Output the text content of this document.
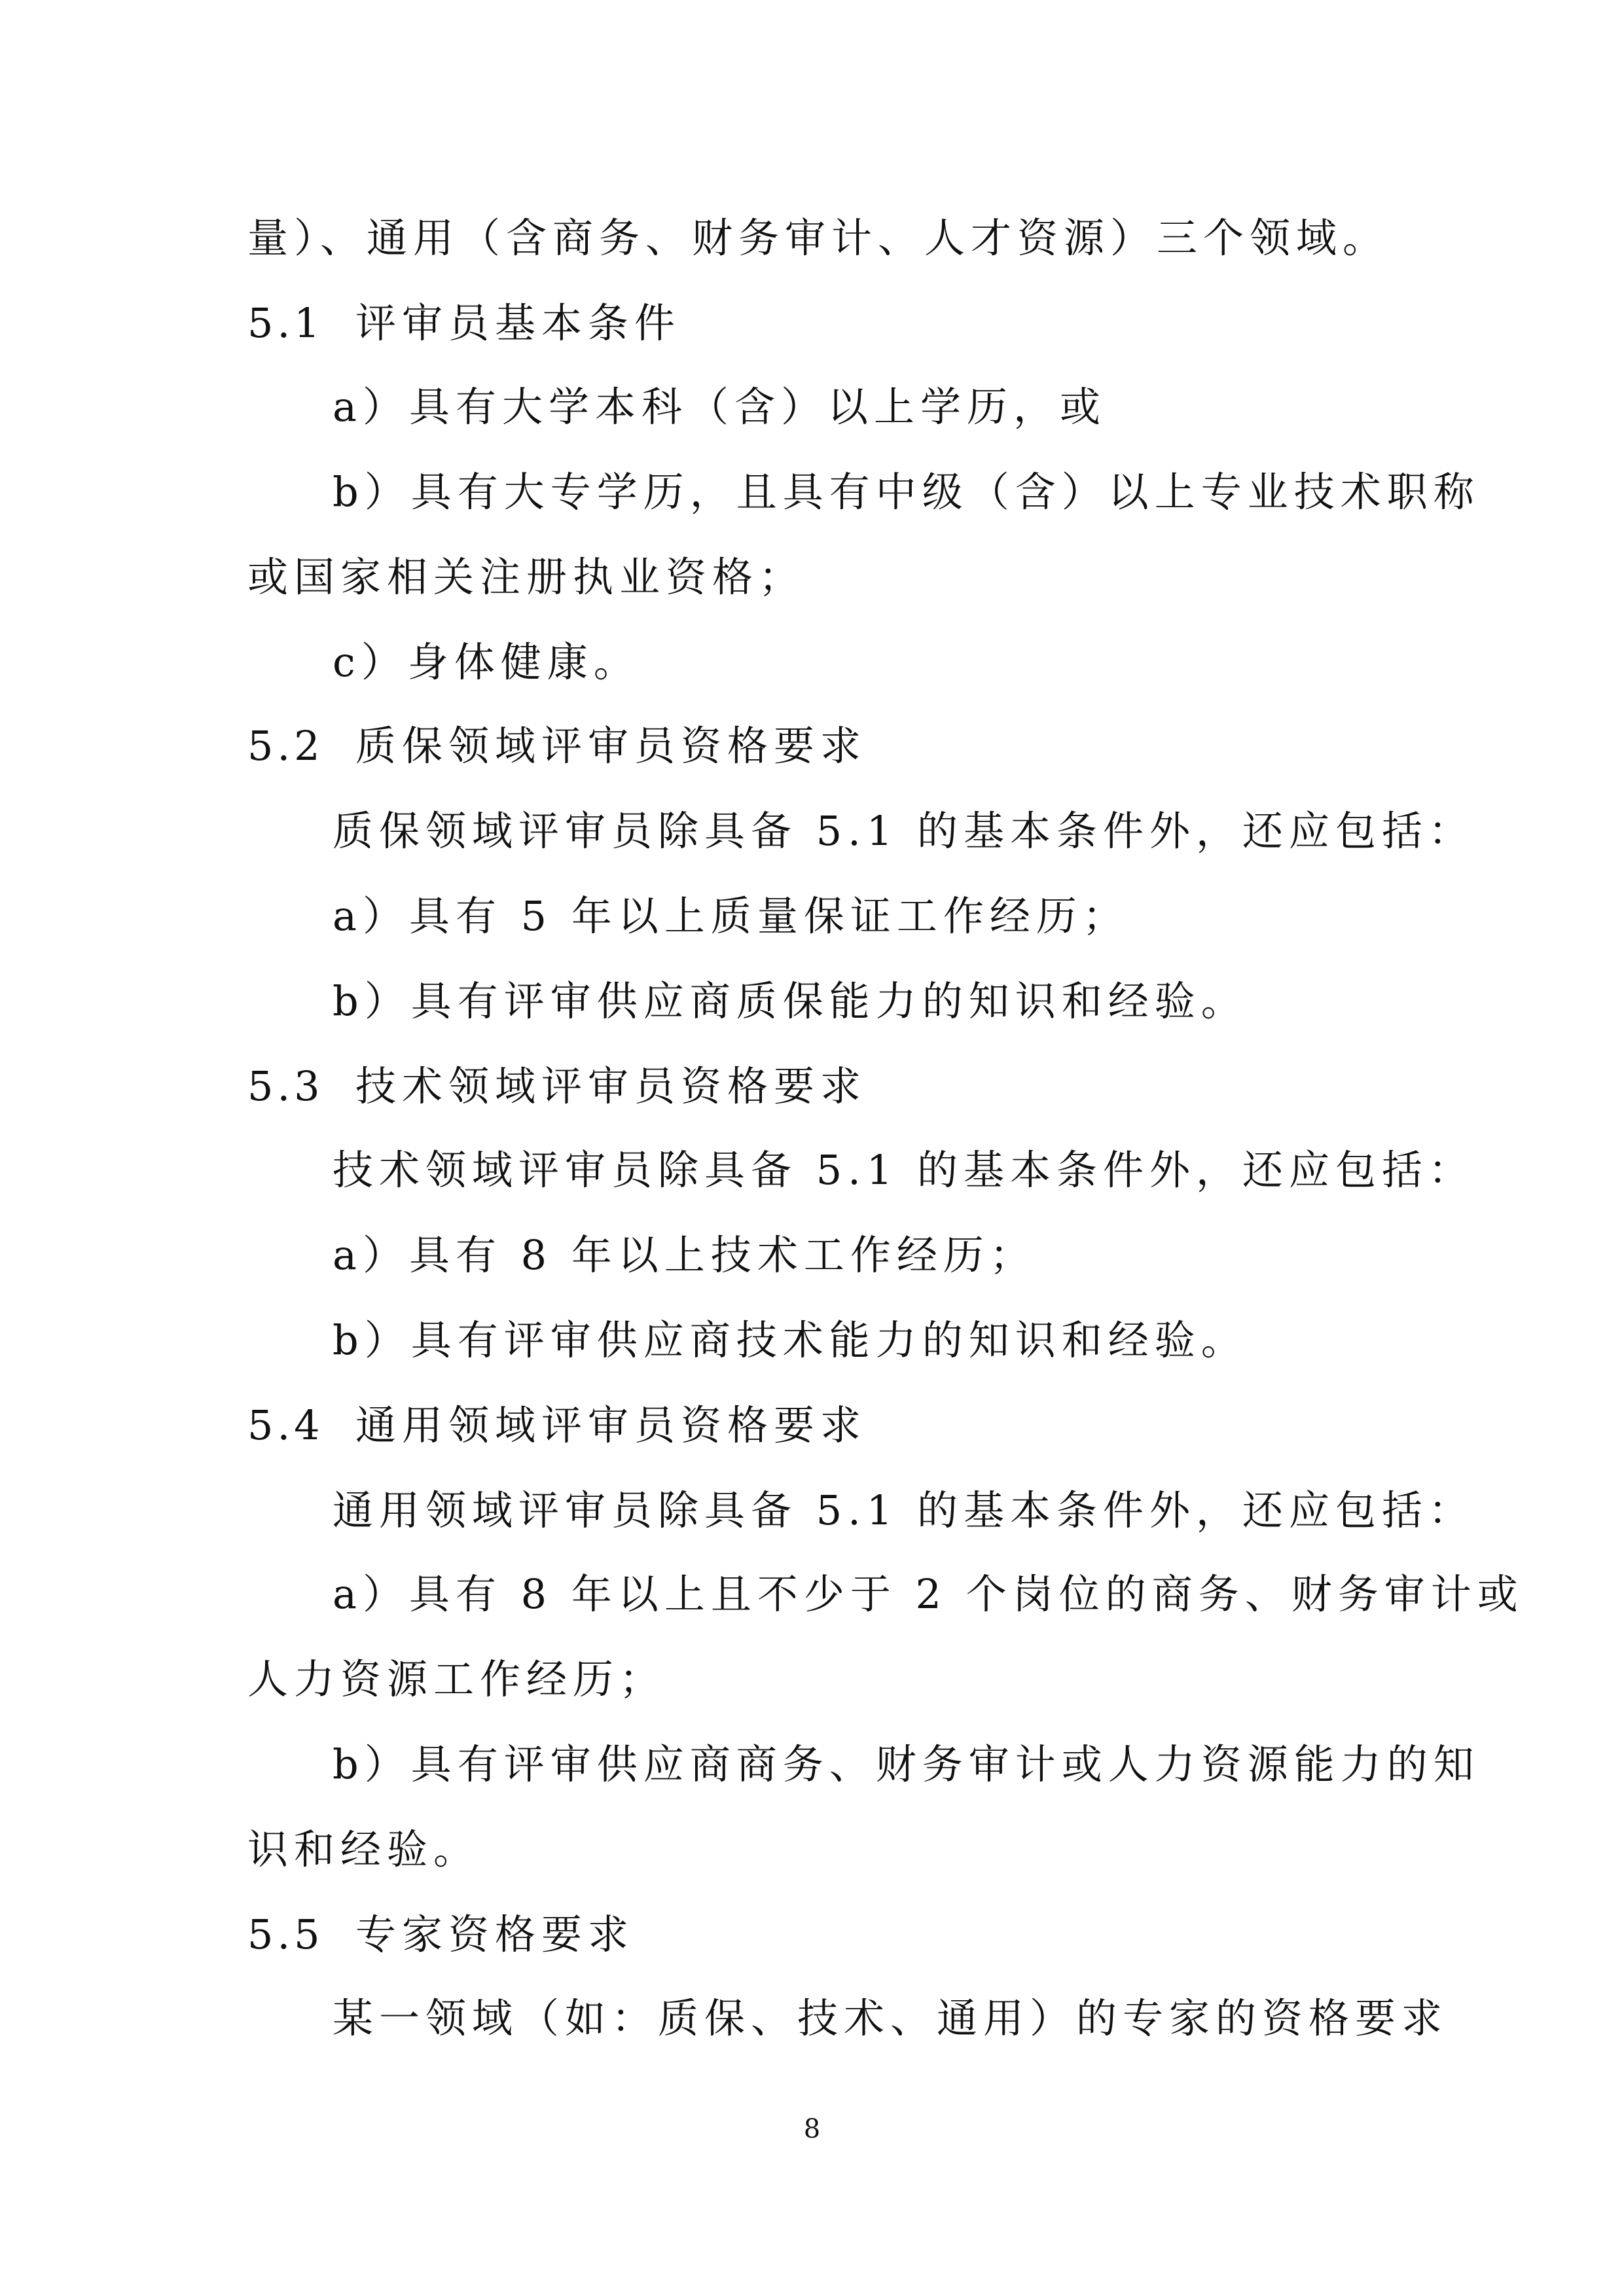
量）、通用（含商务、财务审计、人才资源）三个领域。
5.1 评审员基本条件
a）具有大学本科（含）以上学历，或
b）具有大专学历，且具有中级（含）以上专业技术职称
或国家相关注册执业资格；
c）身体健康。
5.2 质保领域评审员资格要求
质保领域评审员除具备 5.1 的基本条件外，还应包括：
a）具有 5 年以上质量保证工作经历；
b）具有评审供应商质保能力的知识和经验。
5.3 技术领域评审员资格要求
技术领域评审员除具备 5.1 的基本条件外，还应包括：
a）具有 8 年以上技术工作经历；
b）具有评审供应商技术能力的知识和经验。
5.4 通用领域评审员资格要求
通用领域评审员除具备 5.1 的基本条件外，还应包括：
a）具有 8 年以上且不少于 2 个岗位的商务、财务审计或
人力资源工作经历；
b）具有评审供应商商务、财务审计或人力资源能力的知
识和经验。
5.5 专家资格要求
某一领域（如：质保、技术、通用）的专家的资格要求
8
